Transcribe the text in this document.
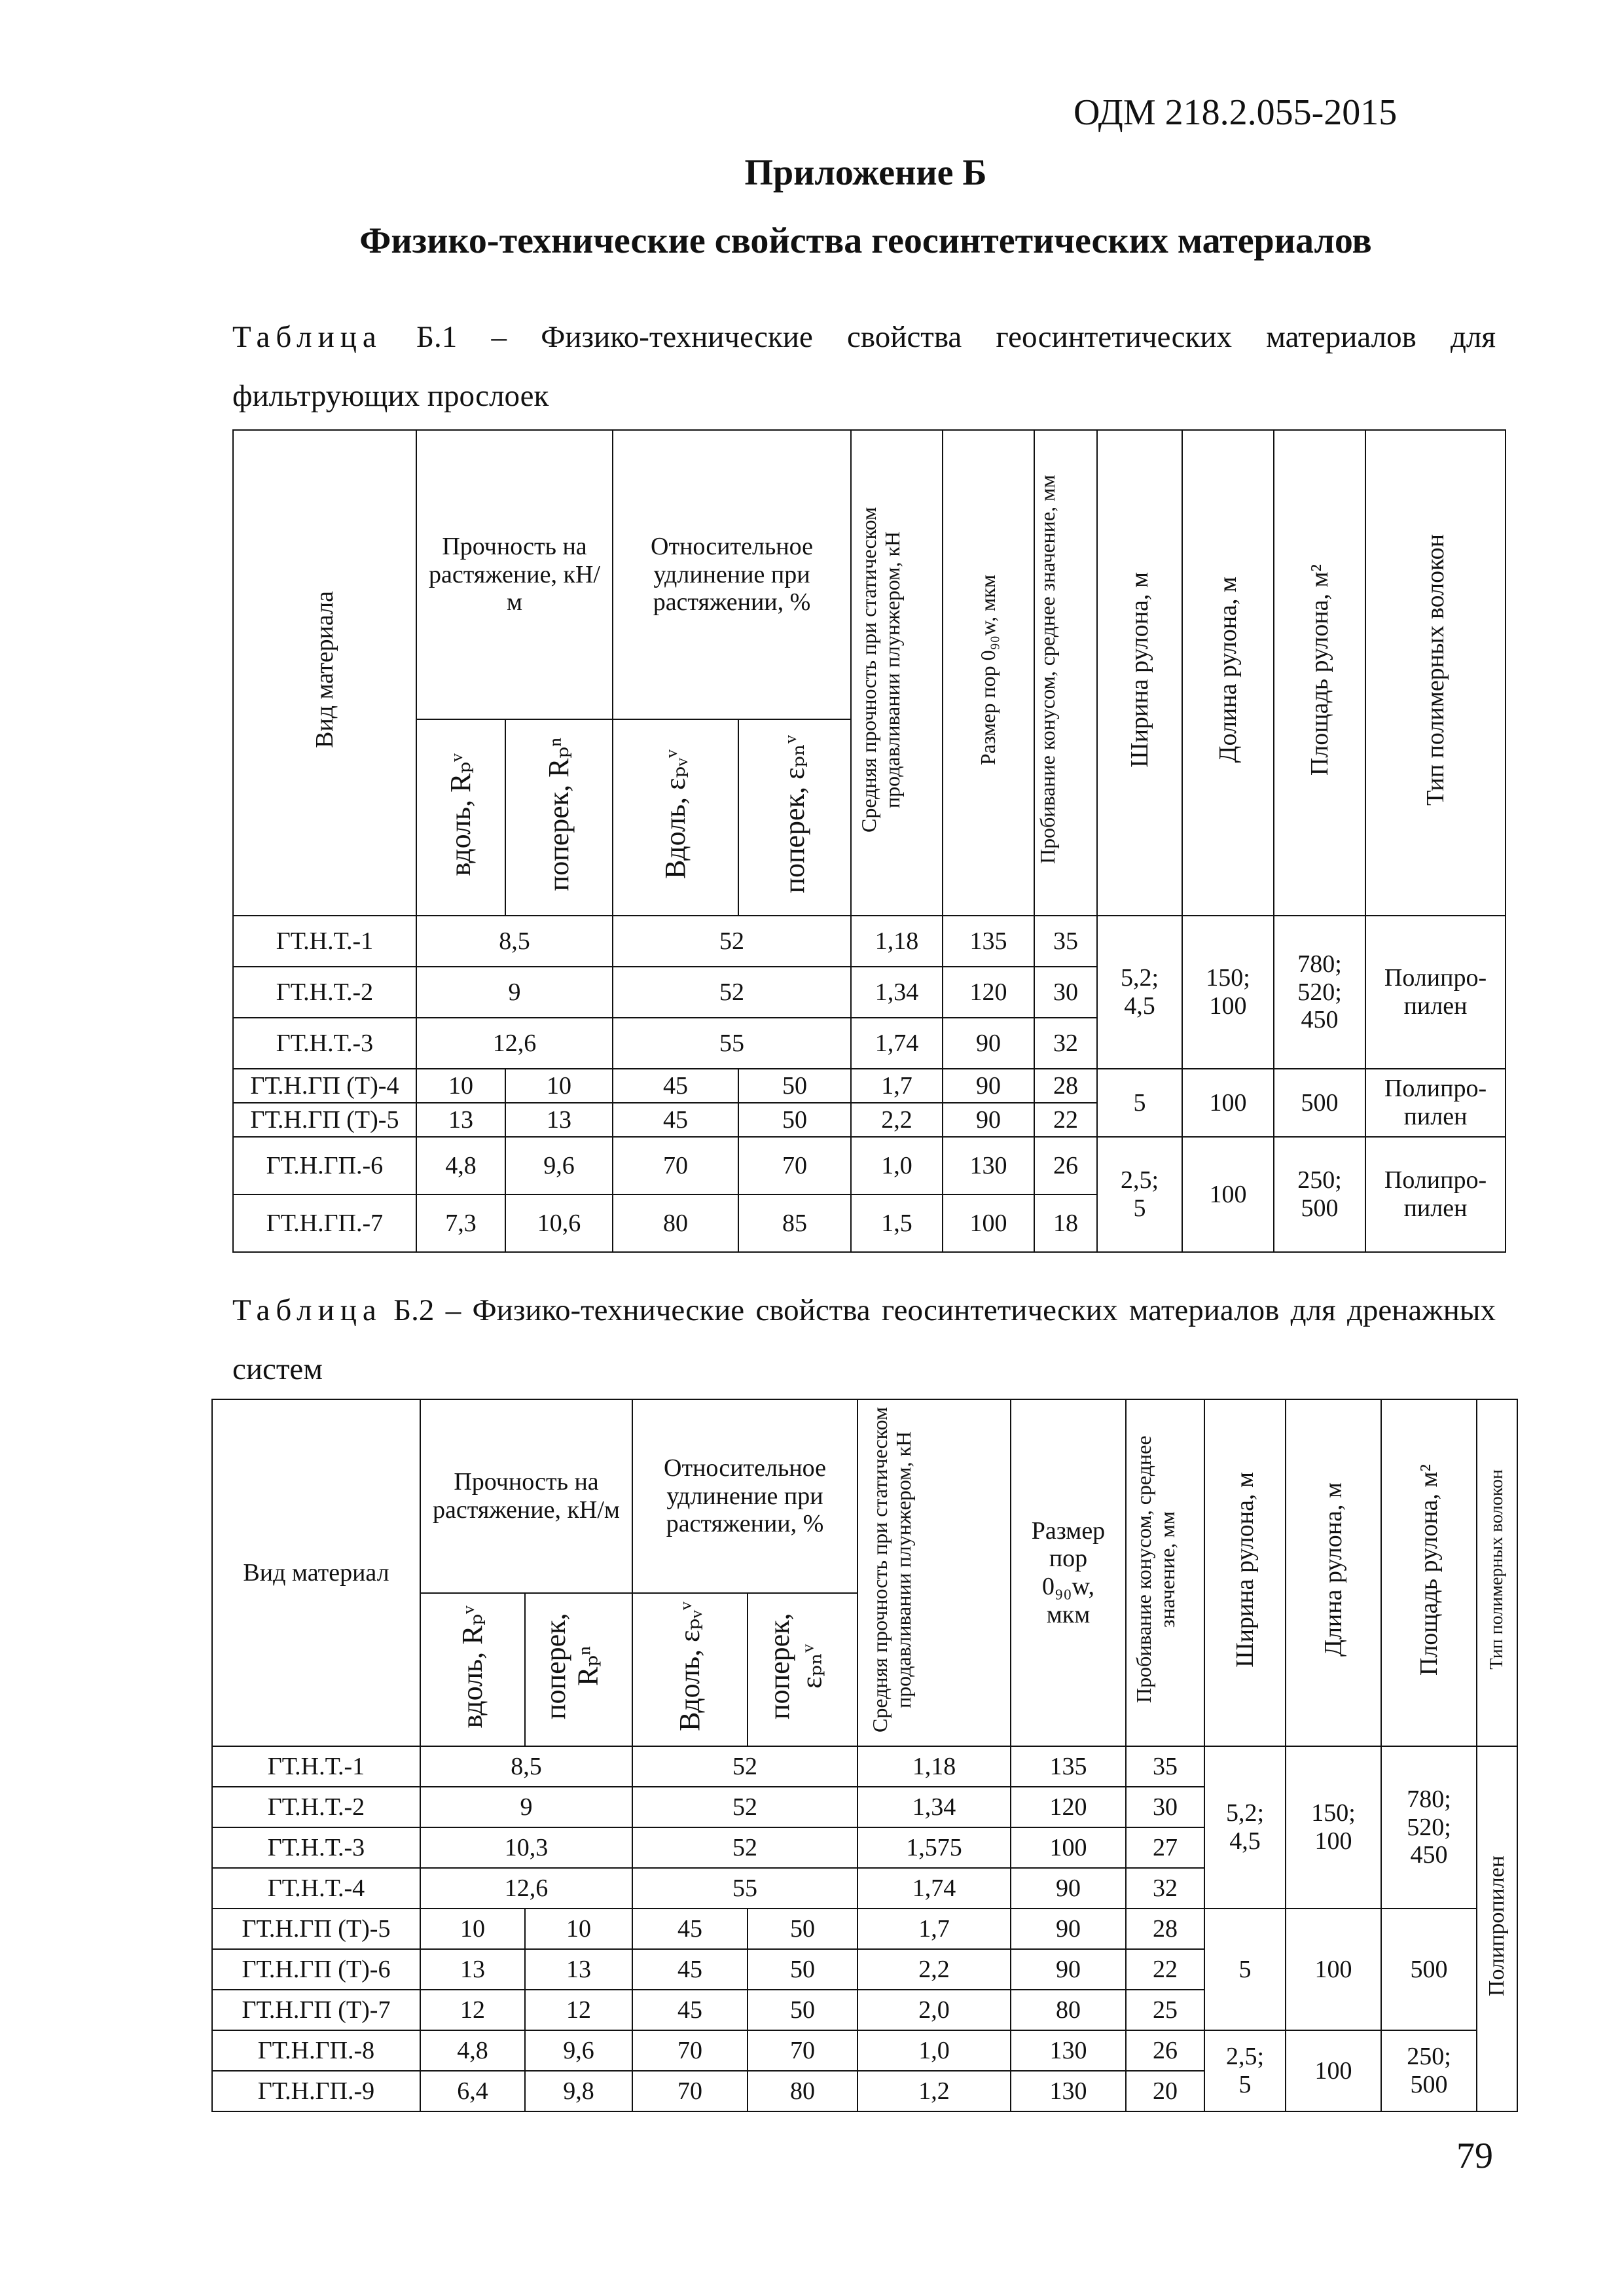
ОДМ 218.2.055-2015
Приложение Б
Физико-технические свойства геосинтетических материалов
Таблица Б.1 – Физико-технические свойства геосинтетических материалов для фильтрующих прослоек
Вид материала	Прочность на растяжение, кН/м		Относительное удлинение при растяжении, %		Средняя прочность при статическом продавливании плунжером, кН	Размер пор 0₉₀w, мкм	Пробивание конусом, среднее значение, мм	Ширина рулона, м	Долина рулона, м	Площадь рулона, м²	Тип полимерных волокон
	вдоль, Rₚᵛ	поперек, Rₚⁿ	Вдоль, εₚᵥᵛ	поперек, εₚₙᵛ							
ГТ.Н.Т.-1	8,5		52		1,18	135	35	5,2; 4,5	150; 100	780; 520; 450	Полипро-пилен
ГТ.Н.Т.-2	9		52		1,34	120	30				
ГТ.Н.Т.-3	12,6		55		1,74	90	32				
ГТ.Н.ГП (Т)-4	10	10	45	50	1,7	90	28	5	100	500	Полипро-пилен
ГТ.Н.ГП (Т)-5	13	13	45	50	2,2	90	22				
ГТ.Н.ГП.-6	4,8	9,6	70	70	1,0	130	26	2,5; 5	100	250; 500	Полипро-пилен
ГТ.Н.ГП.-7	7,3	10,6	80	85	1,5	100	18				
Таблица Б.2 – Физико-технические свойства геосинтетических материалов для дренажных систем
Вид материал	Прочность на растяжение, кН/м		Относительное удлинение при растяжении, %		Средняя прочность при статическом продавливании плунжером, кН	Размер пор 0₉₀w, мкм	Пробивание конусом, среднее значение, мм	Ширина рулона, м	Длина рулона, м	Площадь рулона, м²	Тип полимерных волокон
	вдоль, Rₚᵛ	поперек, Rₚⁿ	Вдоль, εₚᵥᵛ	поперек, εₚₙᵛ							
ГТ.Н.Т.-1	8,5		52		1,18	135	35	5,2; 4,5	150; 100	780; 520; 450	Полипропилен
ГТ.Н.Т.-2	9		52		1,34	120	30				
ГТ.Н.Т.-3	10,3		52		1,575	100	27				
ГТ.Н.Т.-4	12,6		55		1,74	90	32				
ГТ.Н.ГП (Т)-5	10	10	45	50	1,7	90	28	5	100	500	
ГТ.Н.ГП (Т)-6	13	13	45	50	2,2	90	22				
ГТ.Н.ГП (Т)-7	12	12	45	50	2,0	80	25				
ГТ.Н.ГП.-8	4,8	9,6	70	70	1,0	130	26	2,5; 5	100	250; 500	
ГТ.Н.ГП.-9	6,4	9,8	70	80	1,2	130	20				
79
